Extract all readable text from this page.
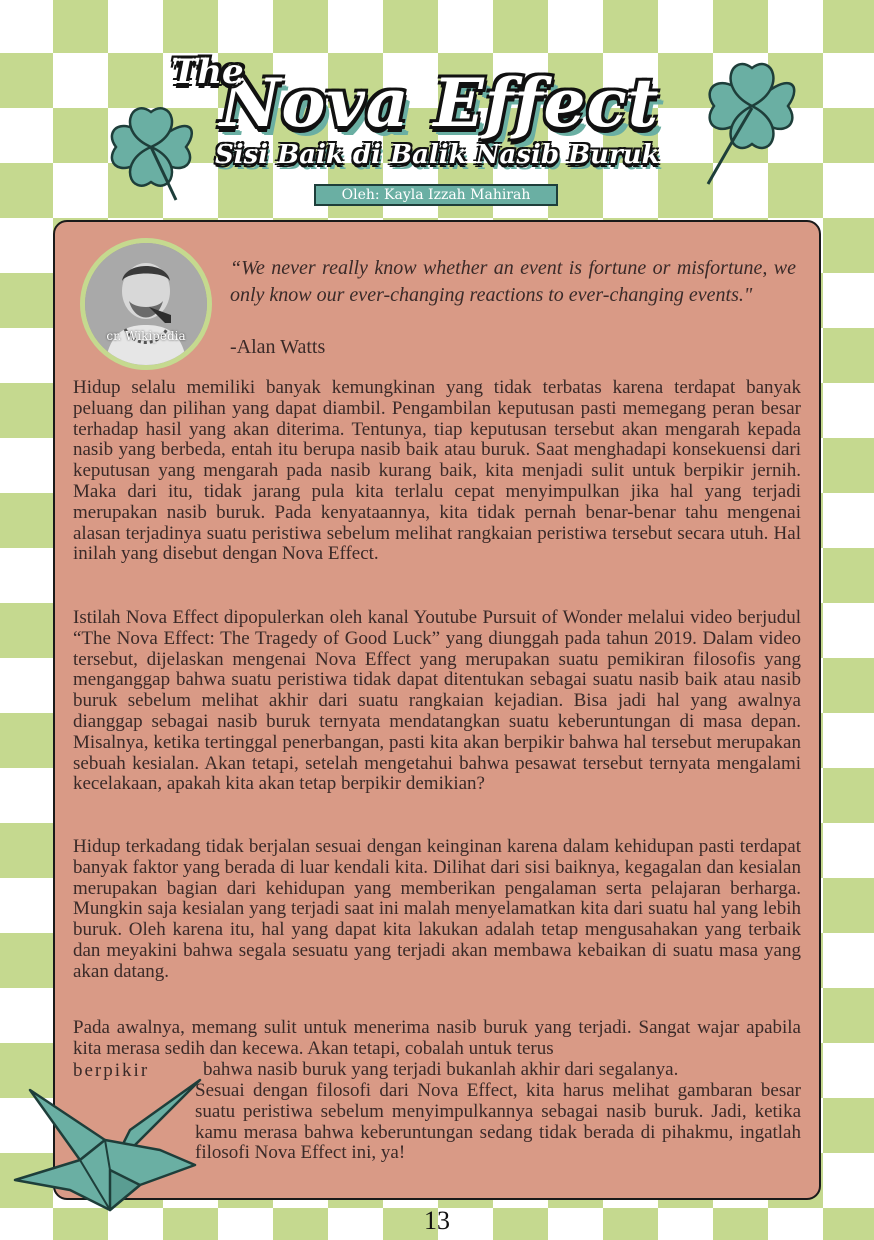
Nova Effect
The
Sisi Baik di Balik Nasib Buruk
Oleh: Kayla Izzah Mahirah
cr. Wikipedia

“We never really know whether an event is fortune or misfortune, we only know our ever-changing reactions to ever-changing events."

-Alan Watts

Hidup selalu memiliki banyak kemungkinan yang tidak terbatas karena terdapat banyak peluang dan pilihan yang dapat diambil. Pengambilan keputusan pasti memegang peran besar terhadap hasil yang akan diterima. Tentunya, tiap keputusan tersebut akan mengarah kepada nasib yang berbeda, entah itu berupa nasib baik atau buruk. Saat menghadapi konsekuensi dari keputusan yang mengarah pada nasib kurang baik, kita menjadi sulit untuk berpikir jernih. Maka dari itu, tidak jarang pula kita terlalu cepat menyimpulkan jika hal yang terjadi merupakan nasib buruk. Pada kenyataannya, kita tidak pernah benar-benar tahu mengenai alasan terjadinya suatu peristiwa sebelum melihat rangkaian peristiwa tersebut secara utuh. Hal inilah yang disebut dengan Nova Effect.

Istilah Nova Effect dipopulerkan oleh kanal Youtube Pursuit of Wonder melalui video berjudul “The Nova Effect: The Tragedy of Good Luck” yang diunggah pada tahun 2019. Dalam video tersebut, dijelaskan mengenai Nova Effect yang merupakan suatu pemikiran filosofis yang menganggap bahwa suatu peristiwa tidak dapat ditentukan sebagai suatu nasib baik atau nasib buruk sebelum melihat akhir dari suatu rangkaian kejadian. Bisa jadi hal yang awalnya dianggap sebagai nasib buruk ternyata mendatangkan suatu keberuntungan di masa depan. Misalnya, ketika tertinggal penerbangan, pasti kita akan berpikir bahwa hal tersebut merupakan sebuah kesialan. Akan tetapi, setelah mengetahui bahwa pesawat tersebut ternyata mengalami kecelakaan, apakah kita akan tetap berpikir demikian?

Hidup terkadang tidak berjalan sesuai dengan keinginan karena dalam kehidupan pasti terdapat banyak faktor yang berada di luar kendali kita. Dilihat dari sisi baiknya, kegagalan dan kesialan merupakan bagian dari kehidupan yang memberikan pengalaman serta pelajaran berharga. Mungkin saja kesialan yang terjadi saat ini malah menyelamatkan kita dari suatu hal yang lebih buruk. Oleh karena itu, hal yang dapat kita lakukan adalah tetap mengusahakan yang terbaik dan meyakini bahwa segala sesuatu yang terjadi akan membawa kebaikan di suatu masa yang akan datang.

Pada awalnya, memang sulit untuk menerima nasib buruk yang terjadi. Sangat wajar apabila kita merasa sedih dan kecewa. Akan tetapi, cobalah untuk terus

berpikir	bahwa nasib buruk yang terjadi bukanlah akhir dari segalanya.

Sesuai dengan filosofi dari Nova Effect, kita harus melihat gambaran besar suatu peristiwa sebelum menyimpulkannya sebagai nasib buruk. Jadi, ketika kamu merasa bahwa keberuntungan sedang tidak berada di pihakmu, ingatlah filosofi Nova Effect ini, ya!

13
